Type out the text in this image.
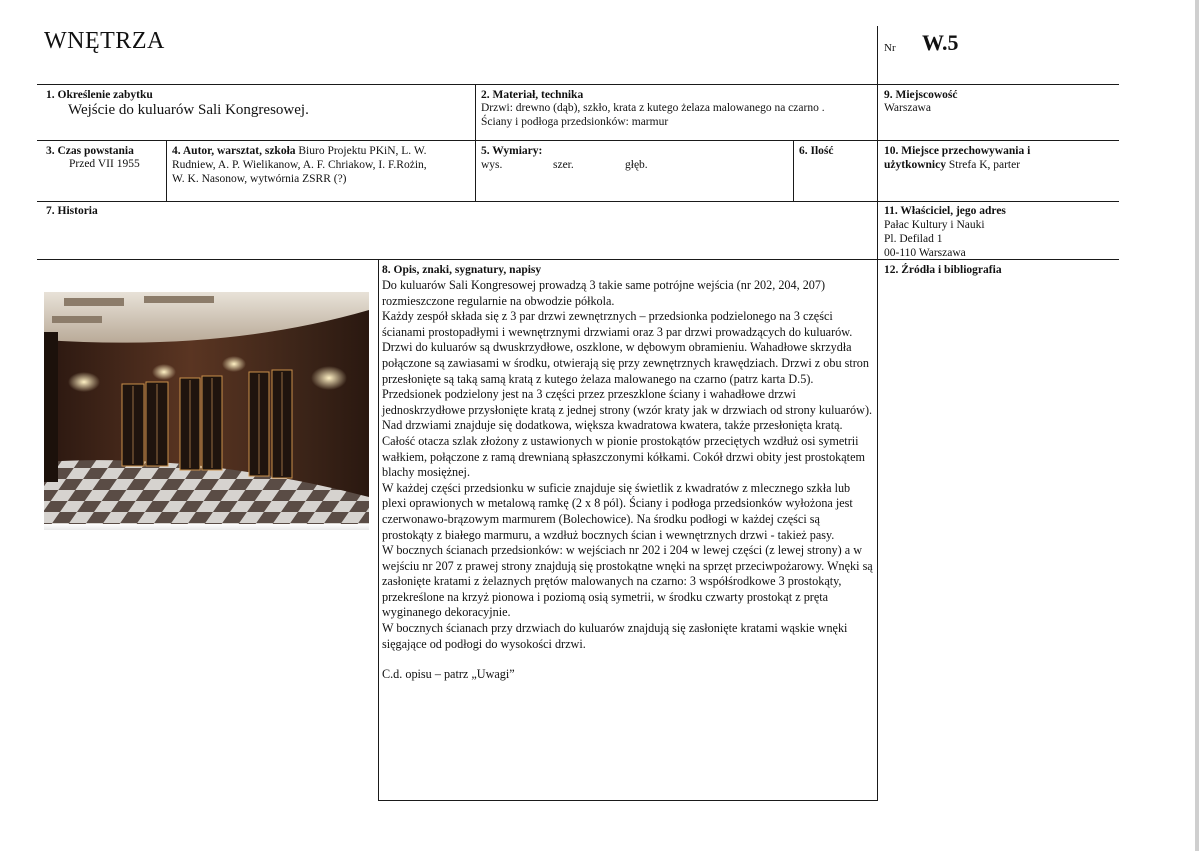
WNĘTRZA	Nr W.5
1. Określenie zabytku
Wejście do kuluarów Sali Kongresowej.
2. Materiał, technika
Drzwi: drewno (dąb), szkło, krata z kutego żelaza malowanego na czarno .
Ściany i podłoga przedsionków: marmur
9. Miejscowość
Warszawa
3. Czas powstania
Przed VII 1955
4. Autor, warsztat, szkoła Biuro Projektu PKiN, L. W.
Rudniew, A. P. Wielikanow, A. F. Chriakow, I. F.Rożin,
W. K. Nasonow, wytwórnia ZSRR (?)
5. Wymiary:
wys.	szer.	głęb.
6. Ilość	10. Miejsce przechowywania i
użytkownicy Strefa K, parter
7. Historia	11. Właściciel, jego adres
Pałac Kultury i Nauki
Pl. Defilad 1
00-110 Warszawa
12. Źródła i bibliografia
8. Opis, znaki, sygnatury, napisy

Do kuluarów Sali Kongresowej prowadzą 3 takie same potrójne wejścia (nr 202, 204, 207) rozmieszczone regularnie na obwodzie półkola.

Każdy zespół składa się z 3 par drzwi zewnętrznych – przedsionka podzielonego na 3 części ścianami prostopadłymi i wewnętrznymi drzwiami oraz 3 par drzwi prowadzących do kuluarów.

Drzwi do kuluarów są dwuskrzydłowe, oszklone, w dębowym obramieniu. Wahadłowe skrzydła połączone są zawiasami w środku, otwierają się przy zewnętrznych krawędziach. Drzwi z obu stron przesłonięte są taką samą kratą z kutego żelaza malowanego na czarno (patrz karta D.5).

Przedsionek podzielony jest na 3 części przez przeszklone ściany i wahadłowe drzwi jednoskrzydłowe przysłonięte kratą z jednej strony (wzór kraty jak w drzwiach od strony kuluarów). Nad drzwiami znajduje się dodatkowa, większa kwadratowa kwatera, także przesłonięta kratą. Całość otacza szlak złożony z ustawionych w pionie prostokątów przeciętych wzdłuż osi symetrii wałkiem, połączone z ramą drewnianą spłaszczonymi kółkami. Cokół drzwi obity jest prostokątem blachy mosiężnej.

W każdej części przedsionku w suficie znajduje się świetlik z kwadratów z mlecznego szkła lub plexi oprawionych w metalową ramkę (2 x 8 pól). Ściany i podłoga przedsionków wyłożona jest czerwonawo-brązowym marmurem (Bolechowice). Na środku podłogi w każdej części są prostokąty z białego marmuru, a wzdłuż bocznych ścian i wewnętrznych drzwi - takież pasy.

W bocznych ścianach przedsionków: w wejściach nr 202 i 204 w lewej części (z lewej strony) a w wejściu nr 207 z prawej strony znajdują się prostokątne wnęki na sprzęt przeciwpożarowy. Wnęki są zasłonięte kratami z żelaznych prętów malowanych na czarno: 3 współśrodkowe 3 prostokąty, przekreślone na krzyż pionowa i poziomą osią symetrii, w środku czwarty prostokąt z pręta wyginanego dekoracyjnie.

W bocznych ścianach przy drzwiach do kuluarów znajdują się zasłonięte kratami wąskie wnęki sięgające od podłogi do wysokości drzwi.

C.d. opisu – patrz „Uwagi”
